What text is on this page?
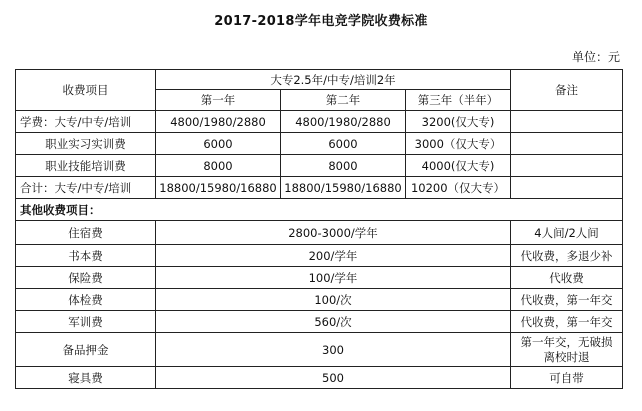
2017-2018学年电竞学院收费标准
单位：元
收费项目	大专2.5年/中专/培训2年			备注
	第一年	第二年	第三年（半年）	
学费：大专/中专/培训	4800/1980/2880	4800/1980/2880	3200(仅大专)	
职业实习实训费	6000	6000	3000（仅大专）	
职业技能培训费	8000	8000	4000(仅大专)	
合计：大专/中专/培训	18800/15980/16880	18800/15980/16880	10200（仅大专）	
其他收费项目：				
住宿费	2800-3000/学年			4人间/2人间
书本费	200/学年			代收费，多退少补
保险费	100/学年			代收费
体检费	100/次			代收费，第一年交
军训费	560/次			代收费，第一年交
备品押金	300			第一年交，无破损离校时退
寝具费	500			可自带
